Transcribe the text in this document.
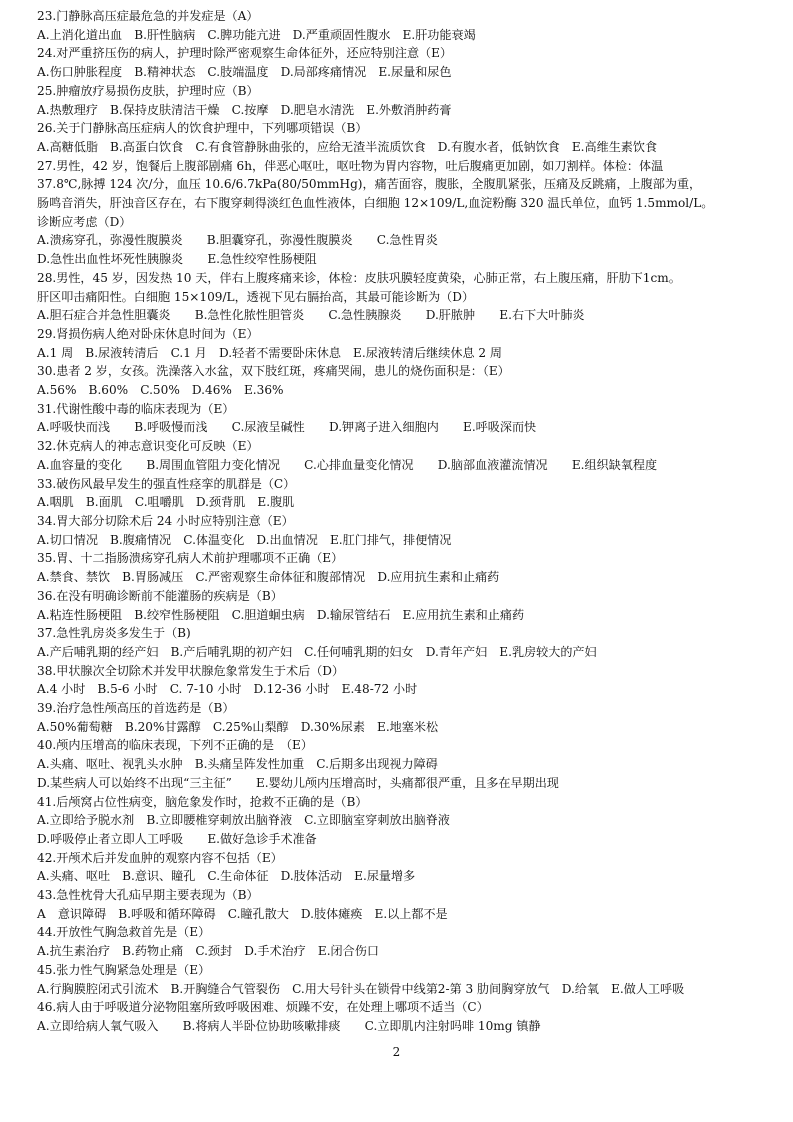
23.门静脉高压症最危急的并发症是（A）
A.上消化道出血　B.肝性脑病　C.脾功能亢进　D.严重顽固性腹水　E.肝功能衰竭
24.对严重挤压伤的病人，护理时除严密观察生命体征外，还应特别注意（E）
A.伤口肿胀程度　B.精神状态　C.肢端温度　D.局部疼痛情况　E.尿量和尿色
25.肿瘤放疗易损伤皮肤，护理时应（B）
A.热敷理疗　B.保持皮肤清洁干燥　C.按摩　D.肥皂水清洗　E.外敷消肿药膏
26.关于门静脉高压症病人的饮食护理中，下列哪项错误（B）
A.高糖低脂　B.高蛋白饮食　C.有食管静脉曲张的，应给无渣半流质饮食　D.有腹水者，低钠饮食　E.高维生素饮食
27.男性，42 岁，饱餐后上腹部剧痛 6h，伴恶心呕吐，呕吐物为胃内容物，吐后腹痛更加剧，如刀割样。体检：体温
37.8℃,脉搏 124 次/分，血压 10.6/6.7kPa(80/50mmHg)，痛苦面容，腹胀，全腹肌紧张，压痛及反跳痛，上腹部为重，
肠鸣音消失，肝浊音区存在，右下腹穿刺得淡红色血性液体，白细胞 12×109/L,血淀粉酶 320 温氏单位，血钙 1.5mmol/L。
诊断应考虑（D）
A.溃疡穿孔，弥漫性腹膜炎　　B.胆囊穿孔，弥漫性腹膜炎　　C.急性胃炎
D.急性出血性坏死性胰腺炎　　E.急性绞窄性肠梗阻
28.男性，45 岁，因发热 10 天，伴右上腹疼痛来诊，体检：皮肤巩膜轻度黄染，心肺正常，右上腹压痛，肝肋下1cm。
肝区叩击痛阳性。白细胞 15×109/L，透视下见右膈抬高，其最可能诊断为（D）
A.胆石症合并急性胆囊炎　　B.急性化脓性胆管炎　　C.急性胰腺炎　　D.肝脓肿　　E.右下大叶肺炎
29.肾损伤病人绝对卧床休息时间为（E）
A.1 周　B.尿液转清后　C.1 月　D.轻者不需要卧床休息　E.尿液转清后继续休息 2 周
30.患者 2 岁，女孩。洗澡落入水盆，双下肢红斑，疼痛哭闹，患儿的烧伤面积是：（E）
A.56%　B.60%　C.50%　D.46%　E.36%
31.代谢性酸中毒的临床表现为（E）
A.呼吸快而浅　　B.呼吸慢而浅　　C.尿液呈碱性　　D.钾离子进入细胞内　　E.呼吸深而快
32.休克病人的神志意识变化可反映（E）
A.血容量的变化　　B.周围血管阻力变化情况　　C.心排血量变化情况　　D.脑部血液灌流情况　　E.组织缺氧程度
33.破伤风最早发生的强直性痉挛的肌群是（C）
A.咽肌　B.面肌　C.咀嚼肌　D.颈背肌　E.腹肌
34.胃大部分切除术后 24 小时应特别注意（E）
A.切口情况　B.腹痛情况　C.体温变化　D.出血情况　E.肛门排气，排便情况
35.胃、十二指肠溃疡穿孔病人术前护理哪项不正确（E）
A.禁食、禁饮　B.胃肠减压　C.严密观察生命体征和腹部情况　D.应用抗生素和止痛药
36.在没有明确诊断前不能灌肠的疾病是（B）
A.粘连性肠梗阻　B.绞窄性肠梗阻　C.胆道蛔虫病　D.输尿管结石　E.应用抗生素和止痛药
37.急性乳房炎多发生于（B)
A.产后哺乳期的经产妇　B.产后哺乳期的初产妇　C.任何哺乳期的妇女　D.青年产妇　E.乳房较大的产妇
38.甲状腺次全切除术并发甲状腺危象常发生于术后（D）
A.4 小时　B.5-6 小时　C. 7-10 小时　D.12-36 小时　E.48-72 小时
39.治疗急性颅高压的首选药是（B）
A.50%葡萄糖　B.20%甘露醇　C.25%山梨醇　D.30%尿素　E.地塞米松
40.颅内压增高的临床表现，下列不正确的是　（E）
A.头痛、呕吐、视乳头水肿　B.头痛呈阵发性加重　C.后期多出现视力障碍
D.某些病人可以始终不出现“三主征”　　E.婴幼儿颅内压增高时，头痛都很严重，且多在早期出现
41.后颅窝占位性病变，脑危象发作时，抢救不正确的是（B）
A.立即给予脱水剂　B.立即腰椎穿刺放出脑脊液　C.立即脑室穿刺放出脑脊液
D.呼吸停止者立即人工呼吸　　E.做好急诊手术准备
42.开颅术后并发血肿的观察内容不包括（E）
A.头痛、呕吐　B.意识、瞳孔　C.生命体征　D.肢体活动　E.尿量增多
43.急性枕骨大孔疝早期主要表现为（B）
A　意识障碍　B.呼吸和循环障碍　C.瞳孔散大　D.肢体瘫痪　E.以上都不是
44.开放性气胸急救首先是（E）
A.抗生素治疗　B.药物止痛　C.颈封　D.手术治疗　E.闭合伤口
45.张力性气胸紧急处理是（E）
A.行胸膜腔闭式引流术　B.开胸缝合气管裂伤　C.用大号针头在锁骨中线第2-第 3 肋间胸穿放气　D.给氧　E.做人工呼吸
46.病人由于呼吸道分泌物阻塞所致呼吸困难、烦躁不安，在处理上哪项不适当（C）
A.立即给病人氧气吸入　　B.将病人半卧位协助咳嗽排痰　　C.立即肌内注射吗啡 10mg 镇静
2
